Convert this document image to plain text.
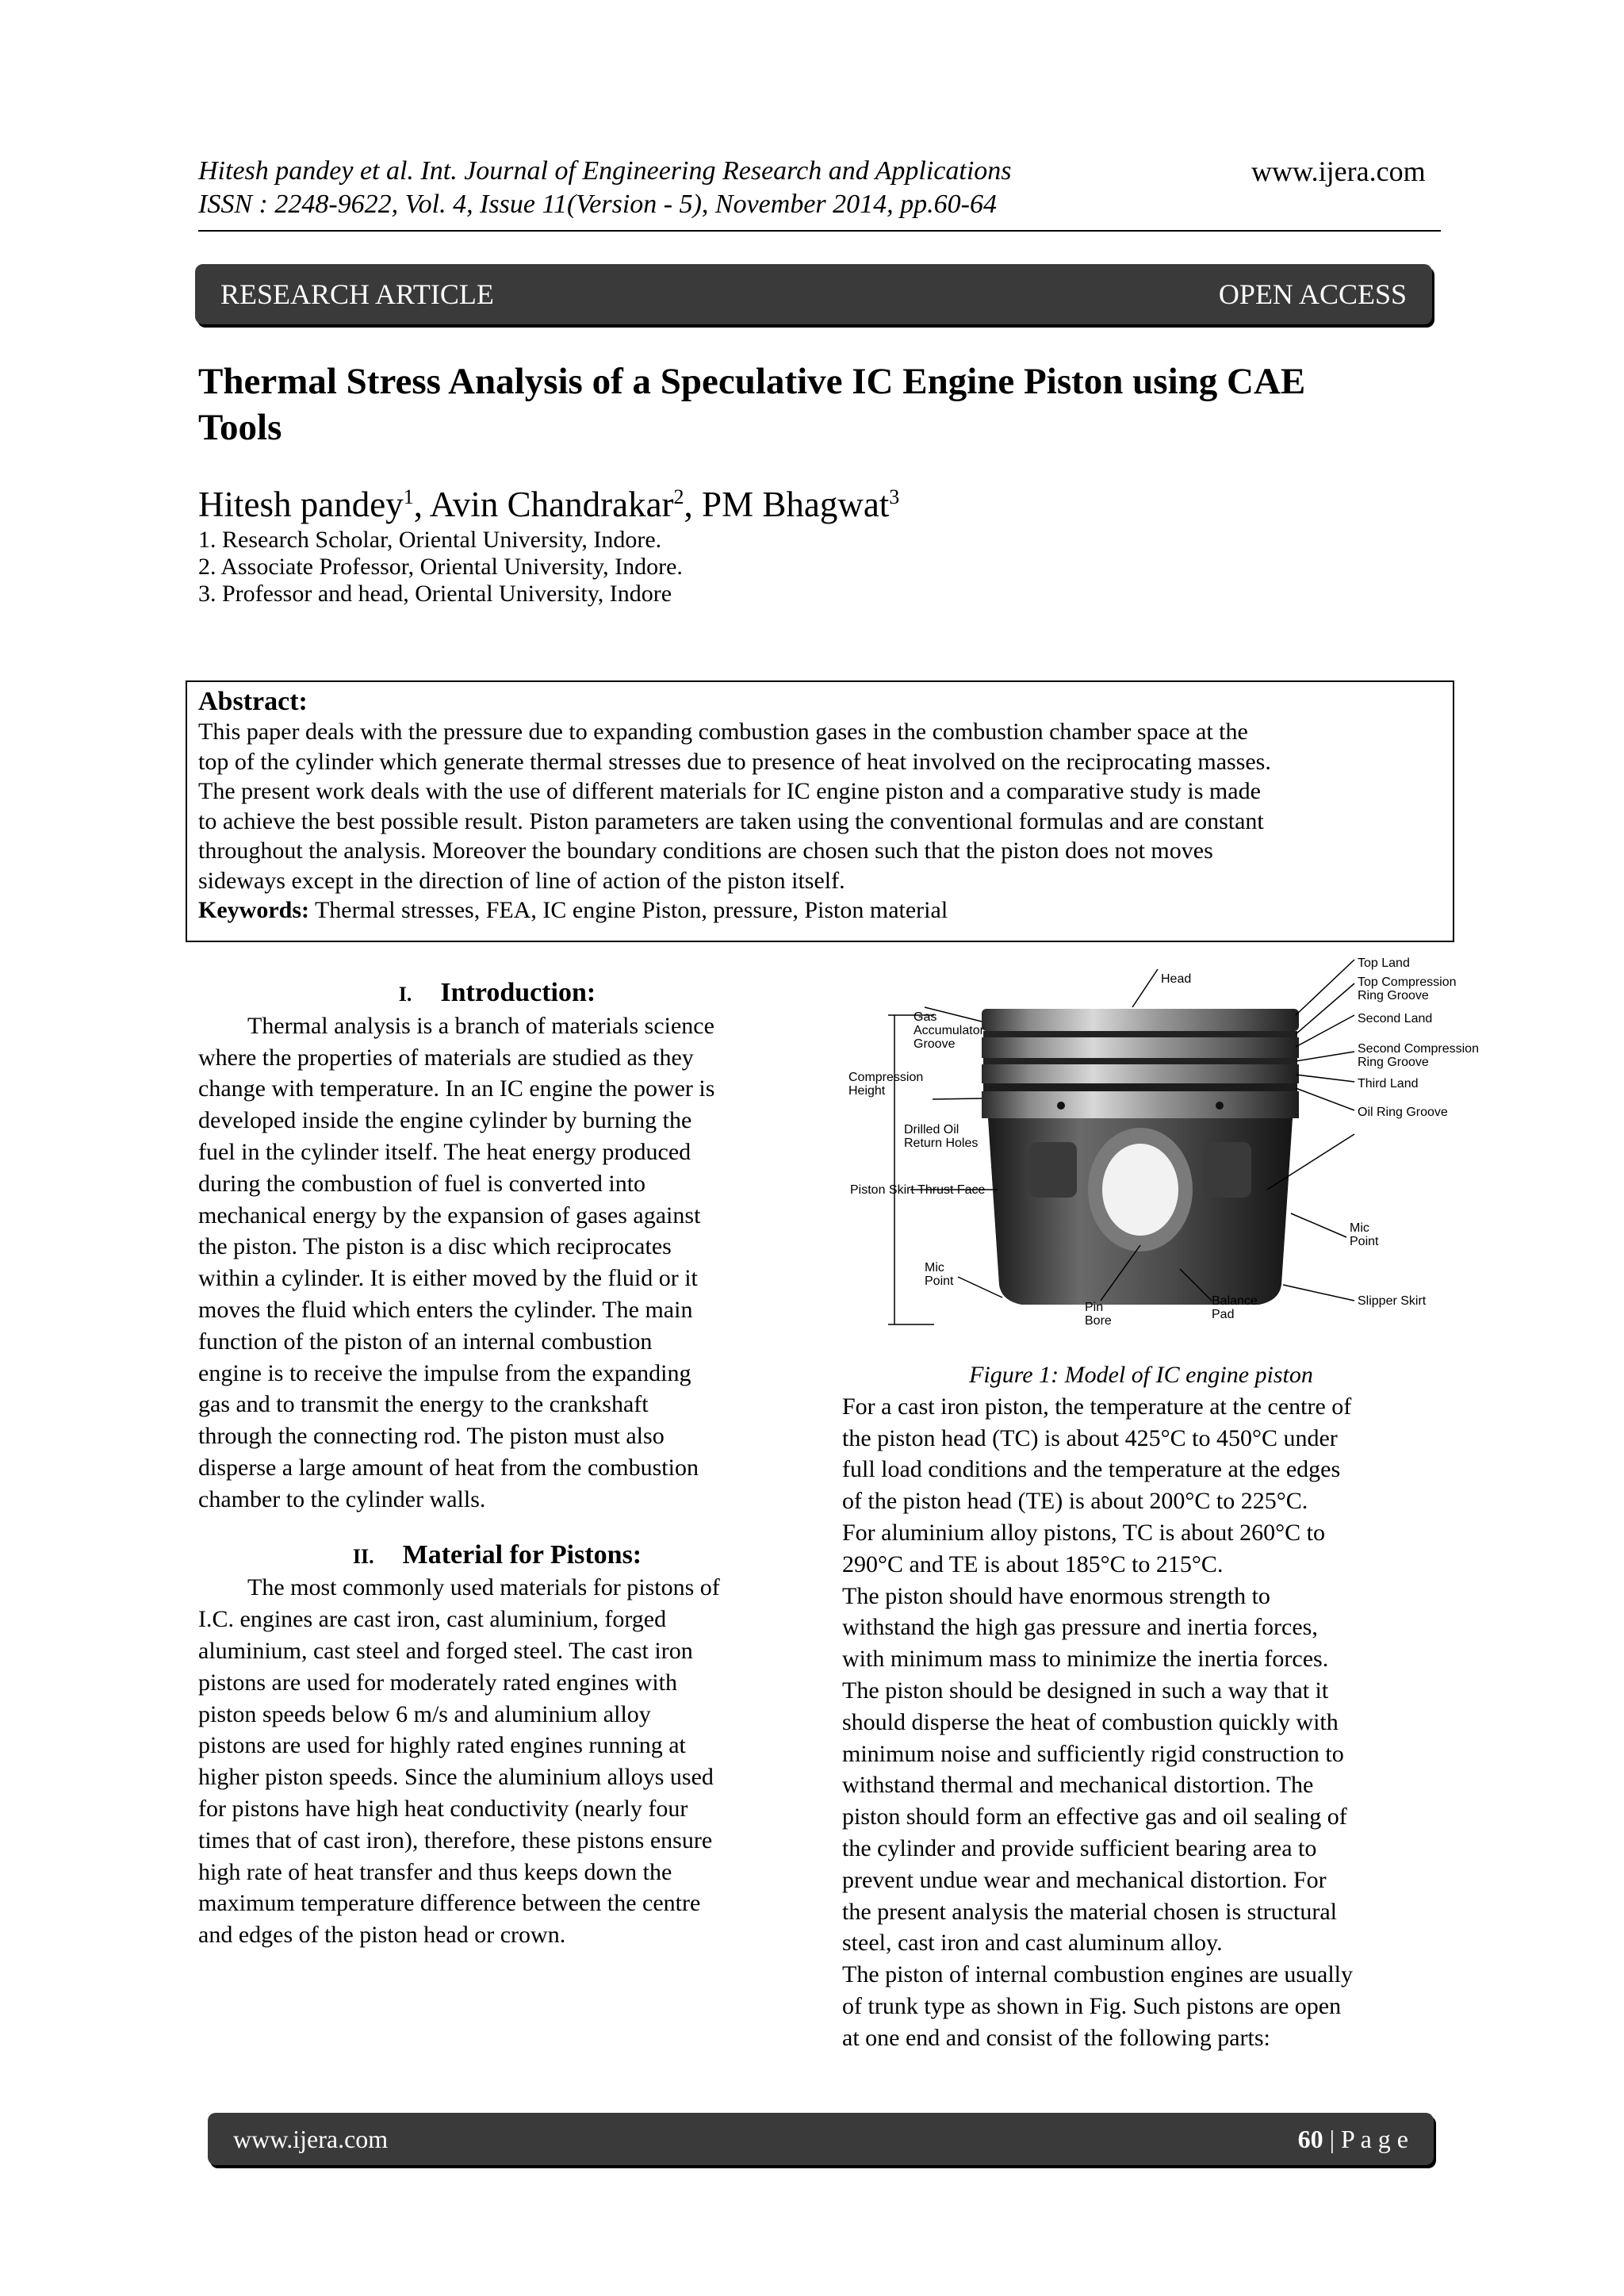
Hitesh pandey et al. Int. Journal of Engineering Research and Applications
ISSN : 2248-9622, Vol. 4, Issue 11(Version - 5), November 2014, pp.60-64
www.ijera.com
RESEARCH ARTICLE	OPEN ACCESS
Thermal Stress Analysis of a Speculative IC Engine Piston using CAE
Tools
Hitesh pandey$^1$, Avin Chandrakar$^2$, PM Bhagwat$^3$
1. Research Scholar, Oriental University, Indore.
2. Associate Professor, Oriental University, Indore.
3. Professor and head, Oriental University, Indore
Abstract:
This paper deals with the pressure due to expanding combustion gases in the combustion chamber space at the
top of the cylinder which generate thermal stresses due to presence of heat involved on the reciprocating masses.
The present work deals with the use of different materials for IC engine piston and a comparative study is made
to achieve the best possible result. Piston parameters are taken using the conventional formulas and are constant
throughout the analysis. Moreover the boundary conditions are chosen such that the piston does not moves
sideways except in the direction of line of action of the piston itself.
Keywords: Thermal stresses, FEA, IC engine Piston, pressure, Piston material
I. Introduction:
Thermal analysis is a branch of materials science
where the properties of materials are studied as they
change with temperature. In an IC engine the power is
developed inside the engine cylinder by burning the
fuel in the cylinder itself. The heat energy produced
during the combustion of fuel is converted into
mechanical energy by the expansion of gases against
the piston. The piston is a disc which reciprocates
within a cylinder. It is either moved by the fluid or it
moves the fluid which enters the cylinder. The main
function of the piston of an internal combustion
engine is to receive the impulse from the expanding
gas and to transmit the energy to the crankshaft
through the connecting rod. The piston must also
disperse a large amount of heat from the combustion
chamber to the cylinder walls.
II. Material for Pistons:
The most commonly used materials for pistons of
I.C. engines are cast iron, cast aluminium, forged
aluminium, cast steel and forged steel. The cast iron
pistons are used for moderately rated engines with
piston speeds below 6 m/s and aluminium alloy
pistons are used for highly rated engines running at
higher piston speeds. Since the aluminium alloys used
for pistons have high heat conductivity (nearly four
times that of cast iron), therefore, these pistons ensure
high rate of heat transfer and thus keeps down the
maximum temperature difference between the centre
and edges of the piston head or crown.
Head
Top Land
Top Compression
Ring Groove
Second Land
Second Compression
Ring Groove
Third Land
Oil Ring Groove
Gas
Accumulator
Groove
Compression
Height
Drilled Oil
Return Holes
Piston Skirt Thrust Face
Mic
Point
Pin
Bore
Balance
Pad
Mic
Point
Slipper Skirt
Figure 1: Model of IC engine piston
For a cast iron piston, the temperature at the centre of
the piston head (TC) is about 425°C to 450°C under
full load conditions and the temperature at the edges
of the piston head (TE) is about 200°C to 225°C.
For aluminium alloy pistons, TC is about 260°C to
290°C and TE is about 185°C to 215°C.
The piston should have enormous strength to
withstand the high gas pressure and inertia forces,
with minimum mass to minimize the inertia forces.
The piston should be designed in such a way that it
should disperse the heat of combustion quickly with
minimum noise and sufficiently rigid construction to
withstand thermal and mechanical distortion. The
piston should form an effective gas and oil sealing of
the cylinder and provide sufficient bearing area to
prevent undue wear and mechanical distortion. For
the present analysis the material chosen is structural
steel, cast iron and cast aluminum alloy.
The piston of internal combustion engines are usually
of trunk type as shown in Fig. Such pistons are open
at one end and consist of the following parts:
www.ijera.com	60 | P a g e
